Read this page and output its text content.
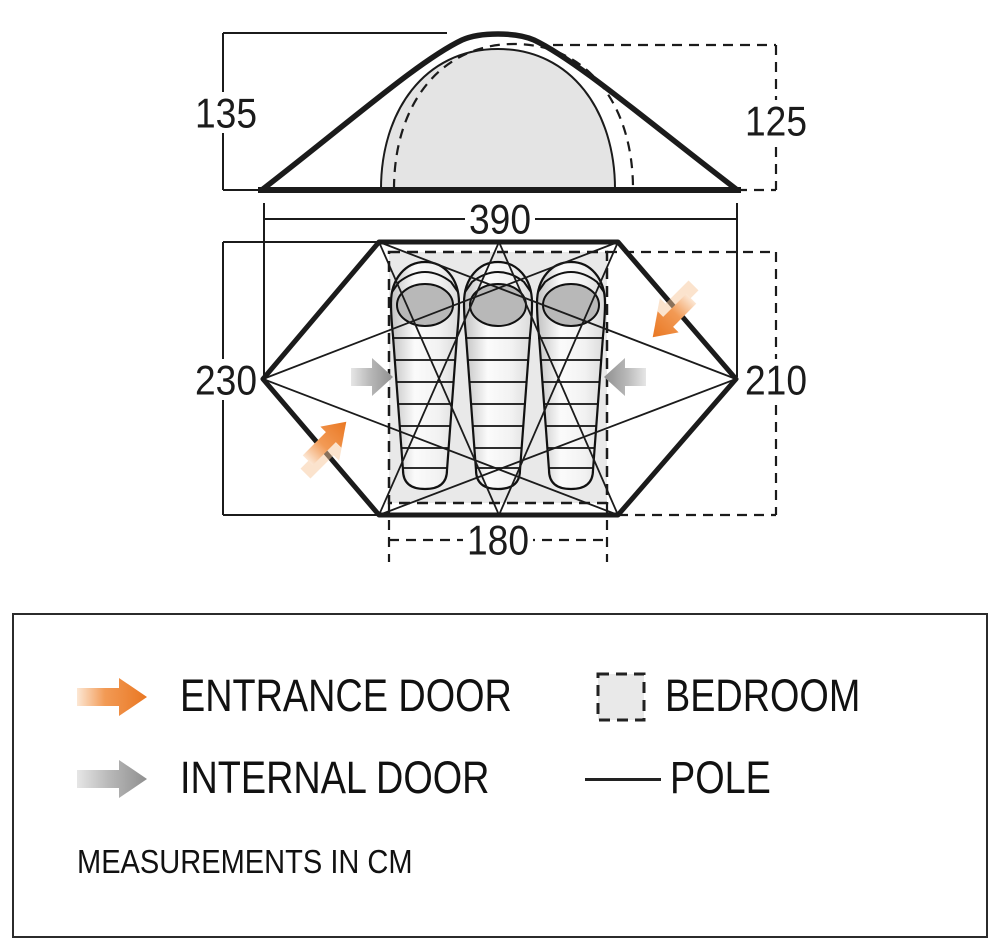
135	125
390
230	210
180
ENTRANCE DOOR	BEDROOM
INTERNAL DOOR	POLE
MEASUREMENTS IN CM
